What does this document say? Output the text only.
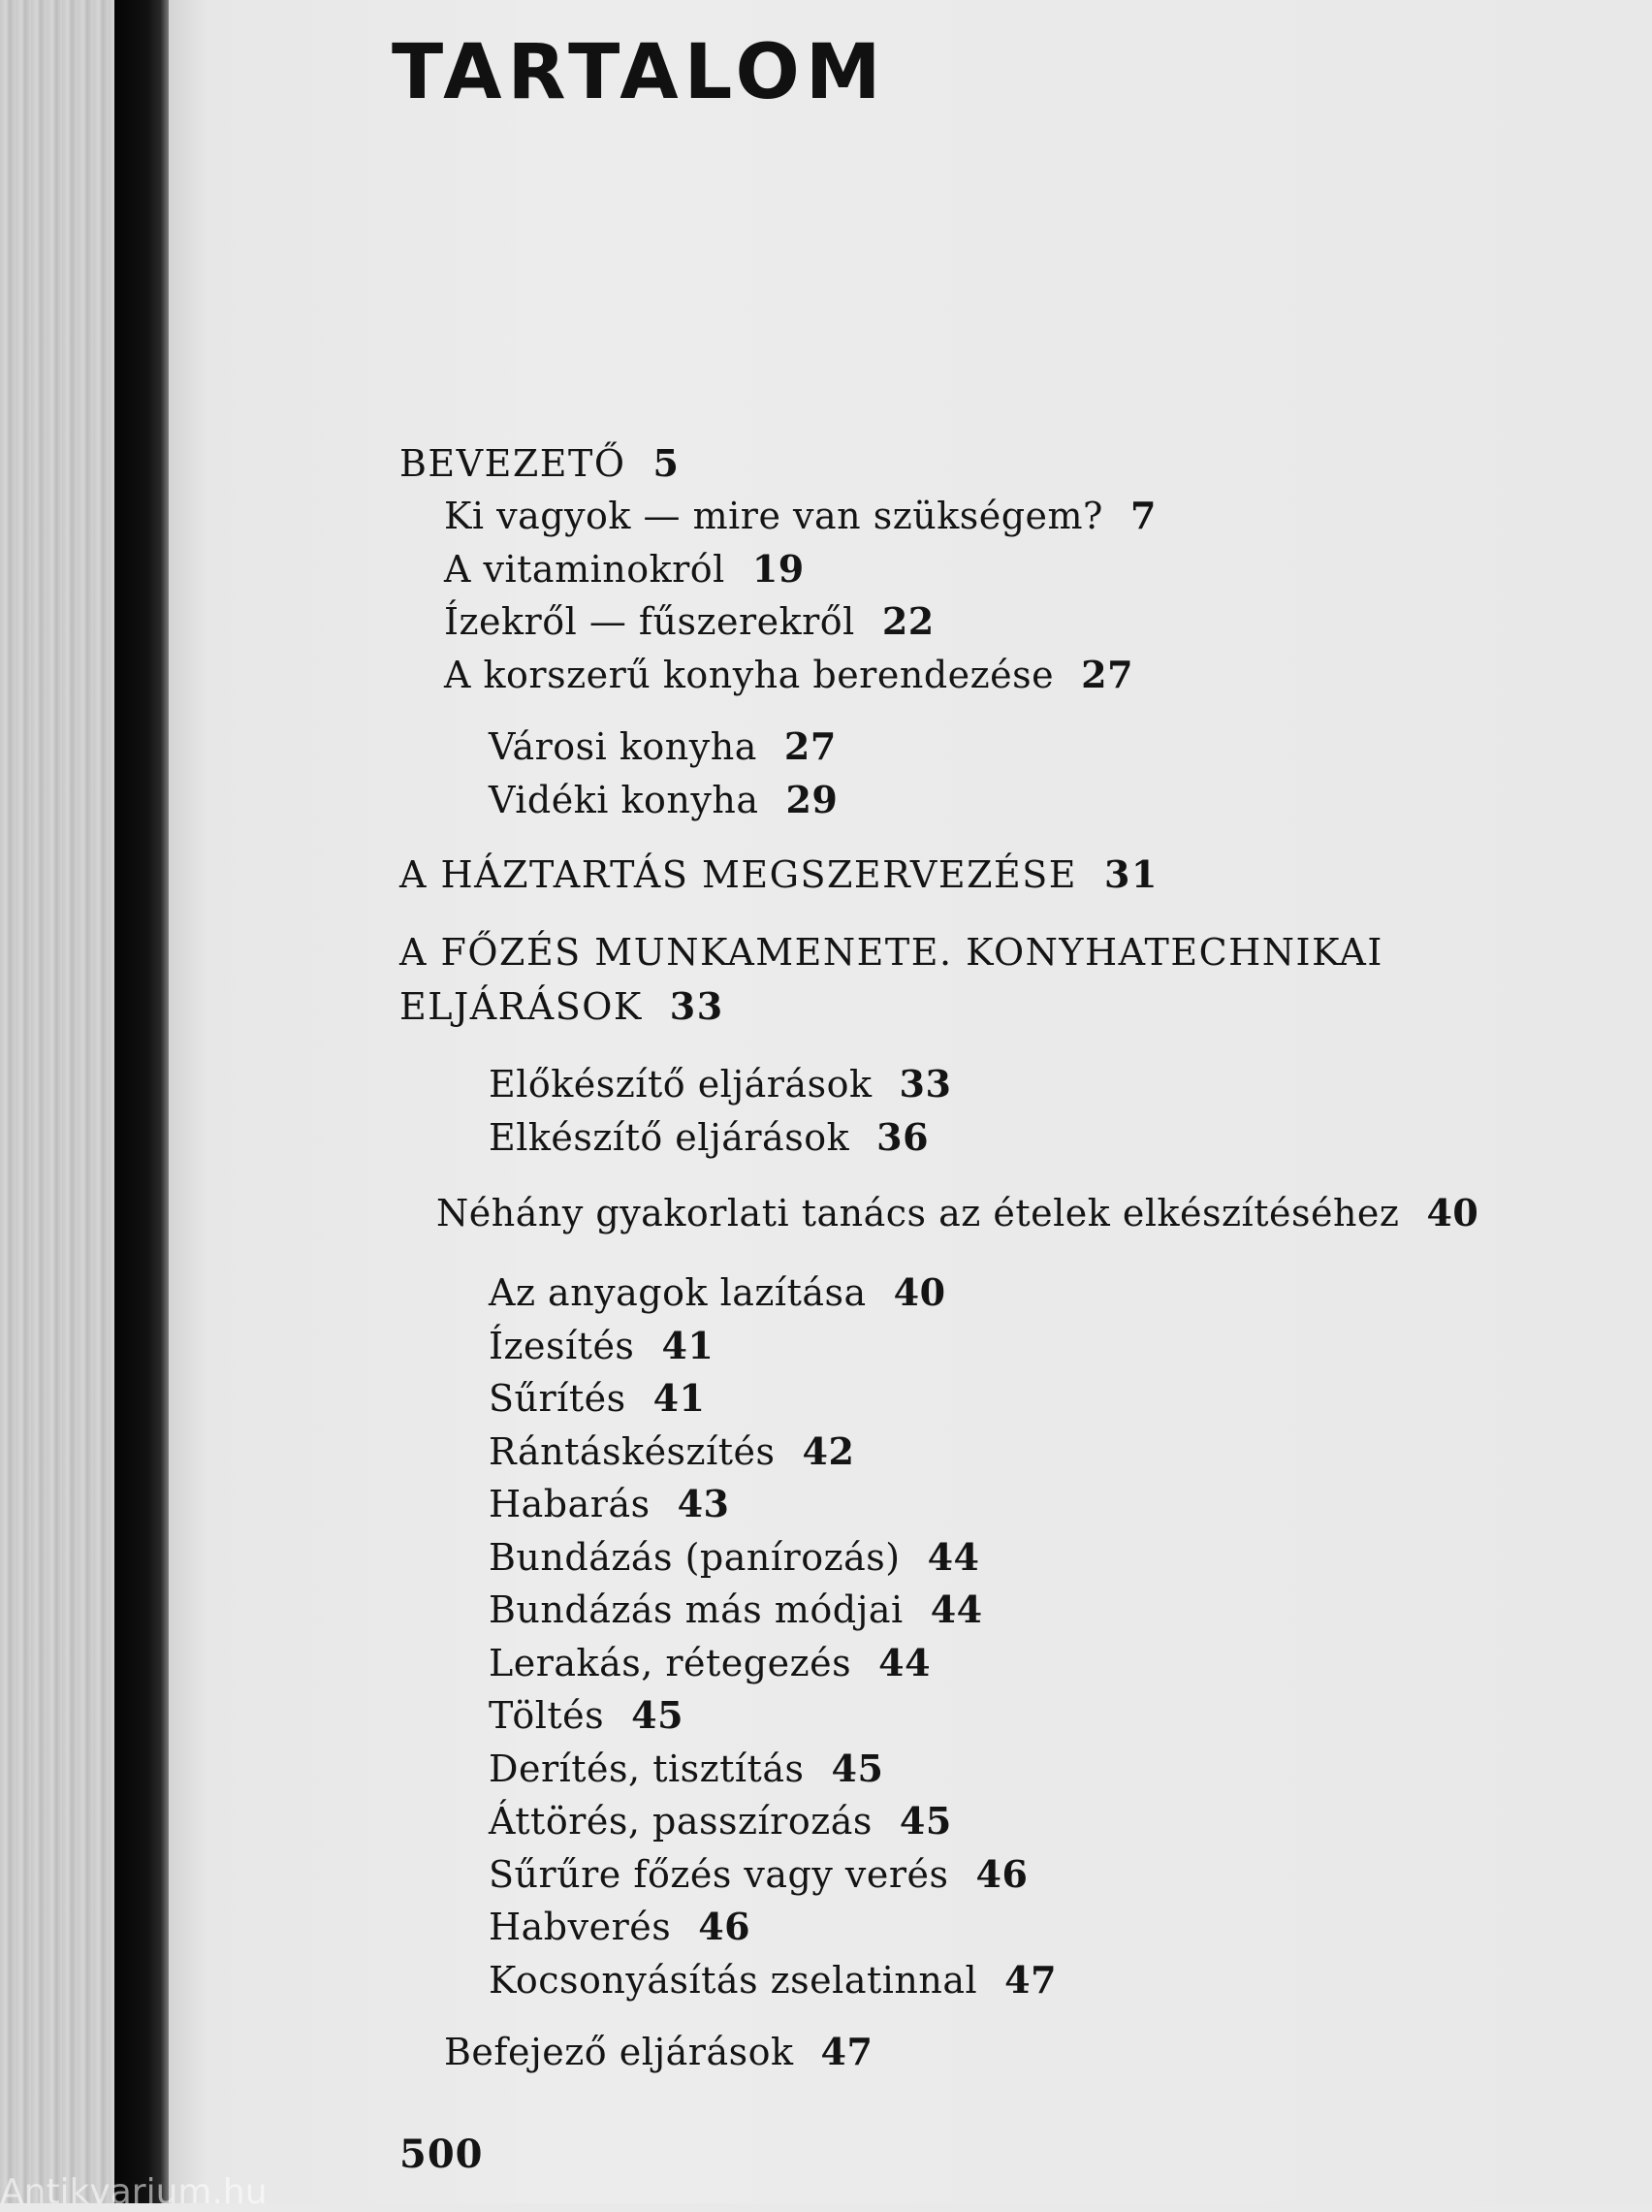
TARTALOM
BEVEZETŐ 5
Ki vagyok — mire van szükségem? 7
A vitaminokról 19
Ízekről — fűszerekről 22
A korszerű konyha berendezése 27
Városi konyha 27
Vidéki konyha 29
A HÁZTARTÁS MEGSZERVEZÉSE 31
A FŐZÉS MUNKAMENETE. KONYHATECHNIKAI
ELJÁRÁSOK 33
Előkészítő eljárások 33
Elkészítő eljárások 36
Néhány gyakorlati tanács az ételek elkészítéséhez 40
Az anyagok lazítása 40
Ízesítés 41
Sűrítés 41
Rántáskészítés 42
Habarás 43
Bundázás (panírozás) 44
Bundázás más módjai 44
Lerakás, rétegezés 44
Töltés 45
Derítés, tisztítás 45
Áttörés, passzírozás 45
Sűrűre főzés vagy verés 46
Habverés 46
Kocsonyásítás zselatinnal 47
Befejező eljárások 47
500
Antikvarium.hu
